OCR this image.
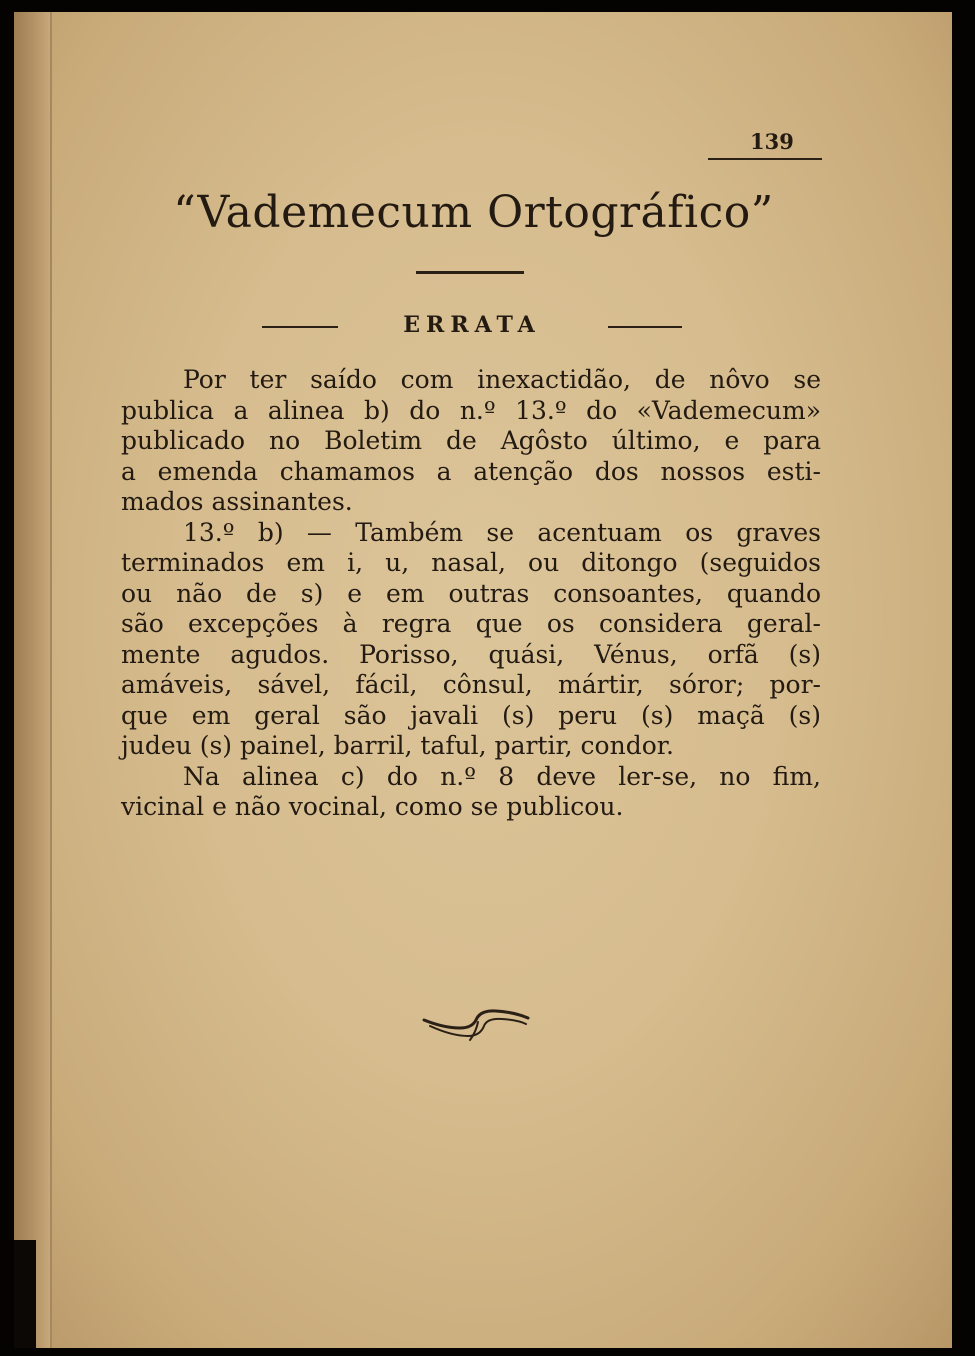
139
“Vademecum Ortográfico”
ERRATA
Por ter saído com inexactidão, de nôvo se
publica a alinea b) do n.º 13.º do «Vademecum»
publicado no Boletim de Agôsto último, e para
a emenda chamamos a atenção dos nossos esti-
mados assinantes.
13.º b) — Também se acentuam os graves
terminados em i, u, nasal, ou ditongo (seguidos
ou não de s) e em outras consoantes, quando
são excepções à regra que os considera geral-
mente agudos. Porisso, quási, Vénus, orfã (s)
amáveis, sável, fácil, cônsul, mártir, sóror; por-
que em geral são javali (s) peru (s) maçã (s)
judeu (s) painel, barril, taful, partir, condor.
Na alinea c) do n.º 8 deve ler-se, no fim,
vicinal e não vocinal, como se publicou.
